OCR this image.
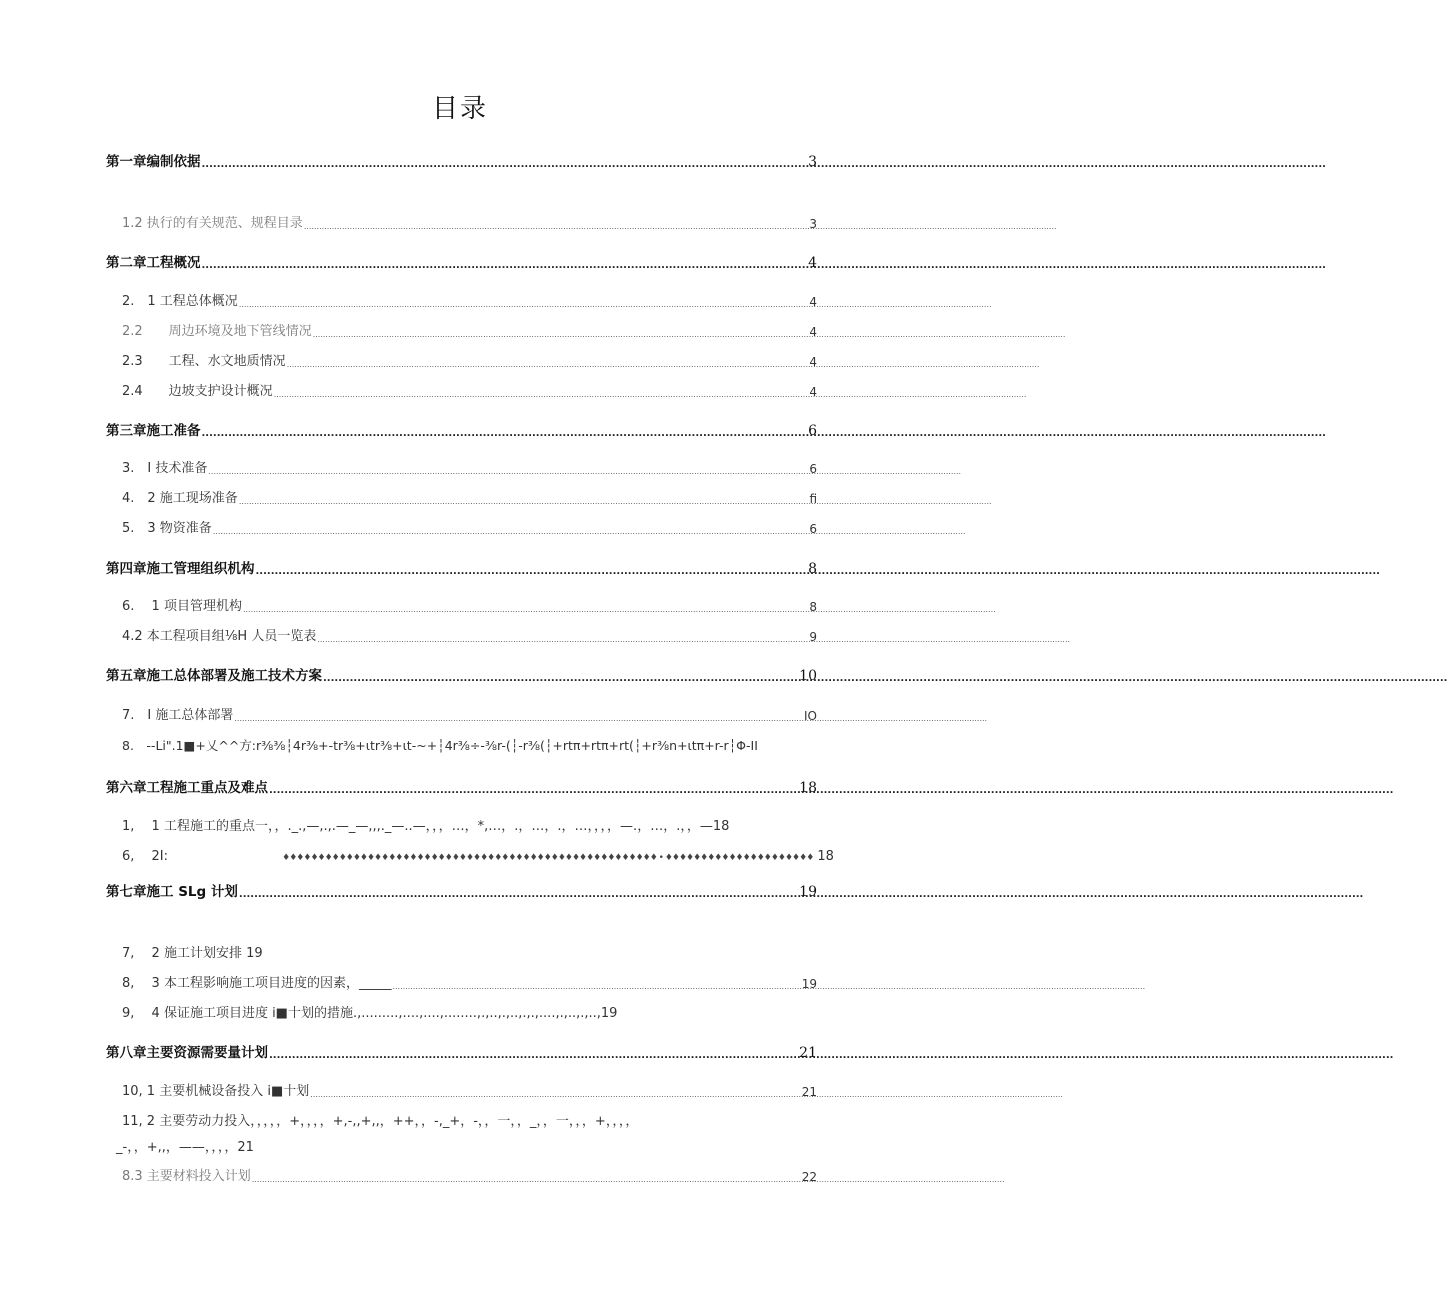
目录
第一章编制依据 .....	3
1.2 执行的有关规范、规程目录 .....	3
第二章工程概况 .....	4
2.　1 工程总体概况 .....	4
2.2　　周边环境及地下管线情况 .....	4
2.3　　工程、水文地质情况 .....	4
2.4　　边坡支护设计概况 .....	4
第三章施工准备 .....	6
3.　I 技术准备 .....	6
4.　2 施工现场准备 .....	fi
5.　3 物资准备 .....	6
第四章施工管理组织机构 .....	8
6.　 1 项目管理机构 .....	8
4.2 本工程项目组⅛H 人员一览表 .....	9
第五章施工总体部署及施工技术方案 .....	10
7.　I 施工总体部署 .....	IO
8.　--Li".1■+乂^^方:r⅜⅜┆4r⅜+-tr⅜+ιtr⅜+ιt-~+┆4r⅜÷-⅜r-(┆-r⅜(┆+rtπ+rtπ+rt(┆+r⅜n+ιtπ+r-r┆Φ-II
第六章工程施工重点及难点 .....	18
1,　 1 工程施工的重点一，，._.,—,.,.—_—,,,._—..—，，，…，*,…，.，…，.，…，，，，—.，…，.，，—18
6,　 2I:	♦♦♦♦♦♦♦♦♦♦♦♦♦♦♦♦♦♦♦♦♦♦♦♦♦♦♦♦♦♦♦♦♦♦♦♦♦♦♦♦♦♦♦♦♦♦♦♦♦♦♦♦♦ • ♦♦♦♦♦♦♦♦♦♦♦♦♦♦♦♦♦♦♦♦♦ 18
第七章施工 SLg 计划 .....	19
7,　 2 施工计划安排 19
8,　 3 本工程影响施工项目进度的因素，_____ .....	19
9,　 4 保证施工项目进度 i■十划的措施.,.........,....,....,........,.,..,.,..,.,.,....,.,..,.,..,19
第八章主要资源需要量计划 .....	21
10, 1 主要机械设备投入 i■十划 .....	21
11, 2 主要劳动力投入，，，，，+，，，，+,-,,+,,，++，，-,_+，-，，一，，_，，一，，，+，，，，
_-，，+,,，——，，，，21
8.3 主要材料投入计划 .....	22
